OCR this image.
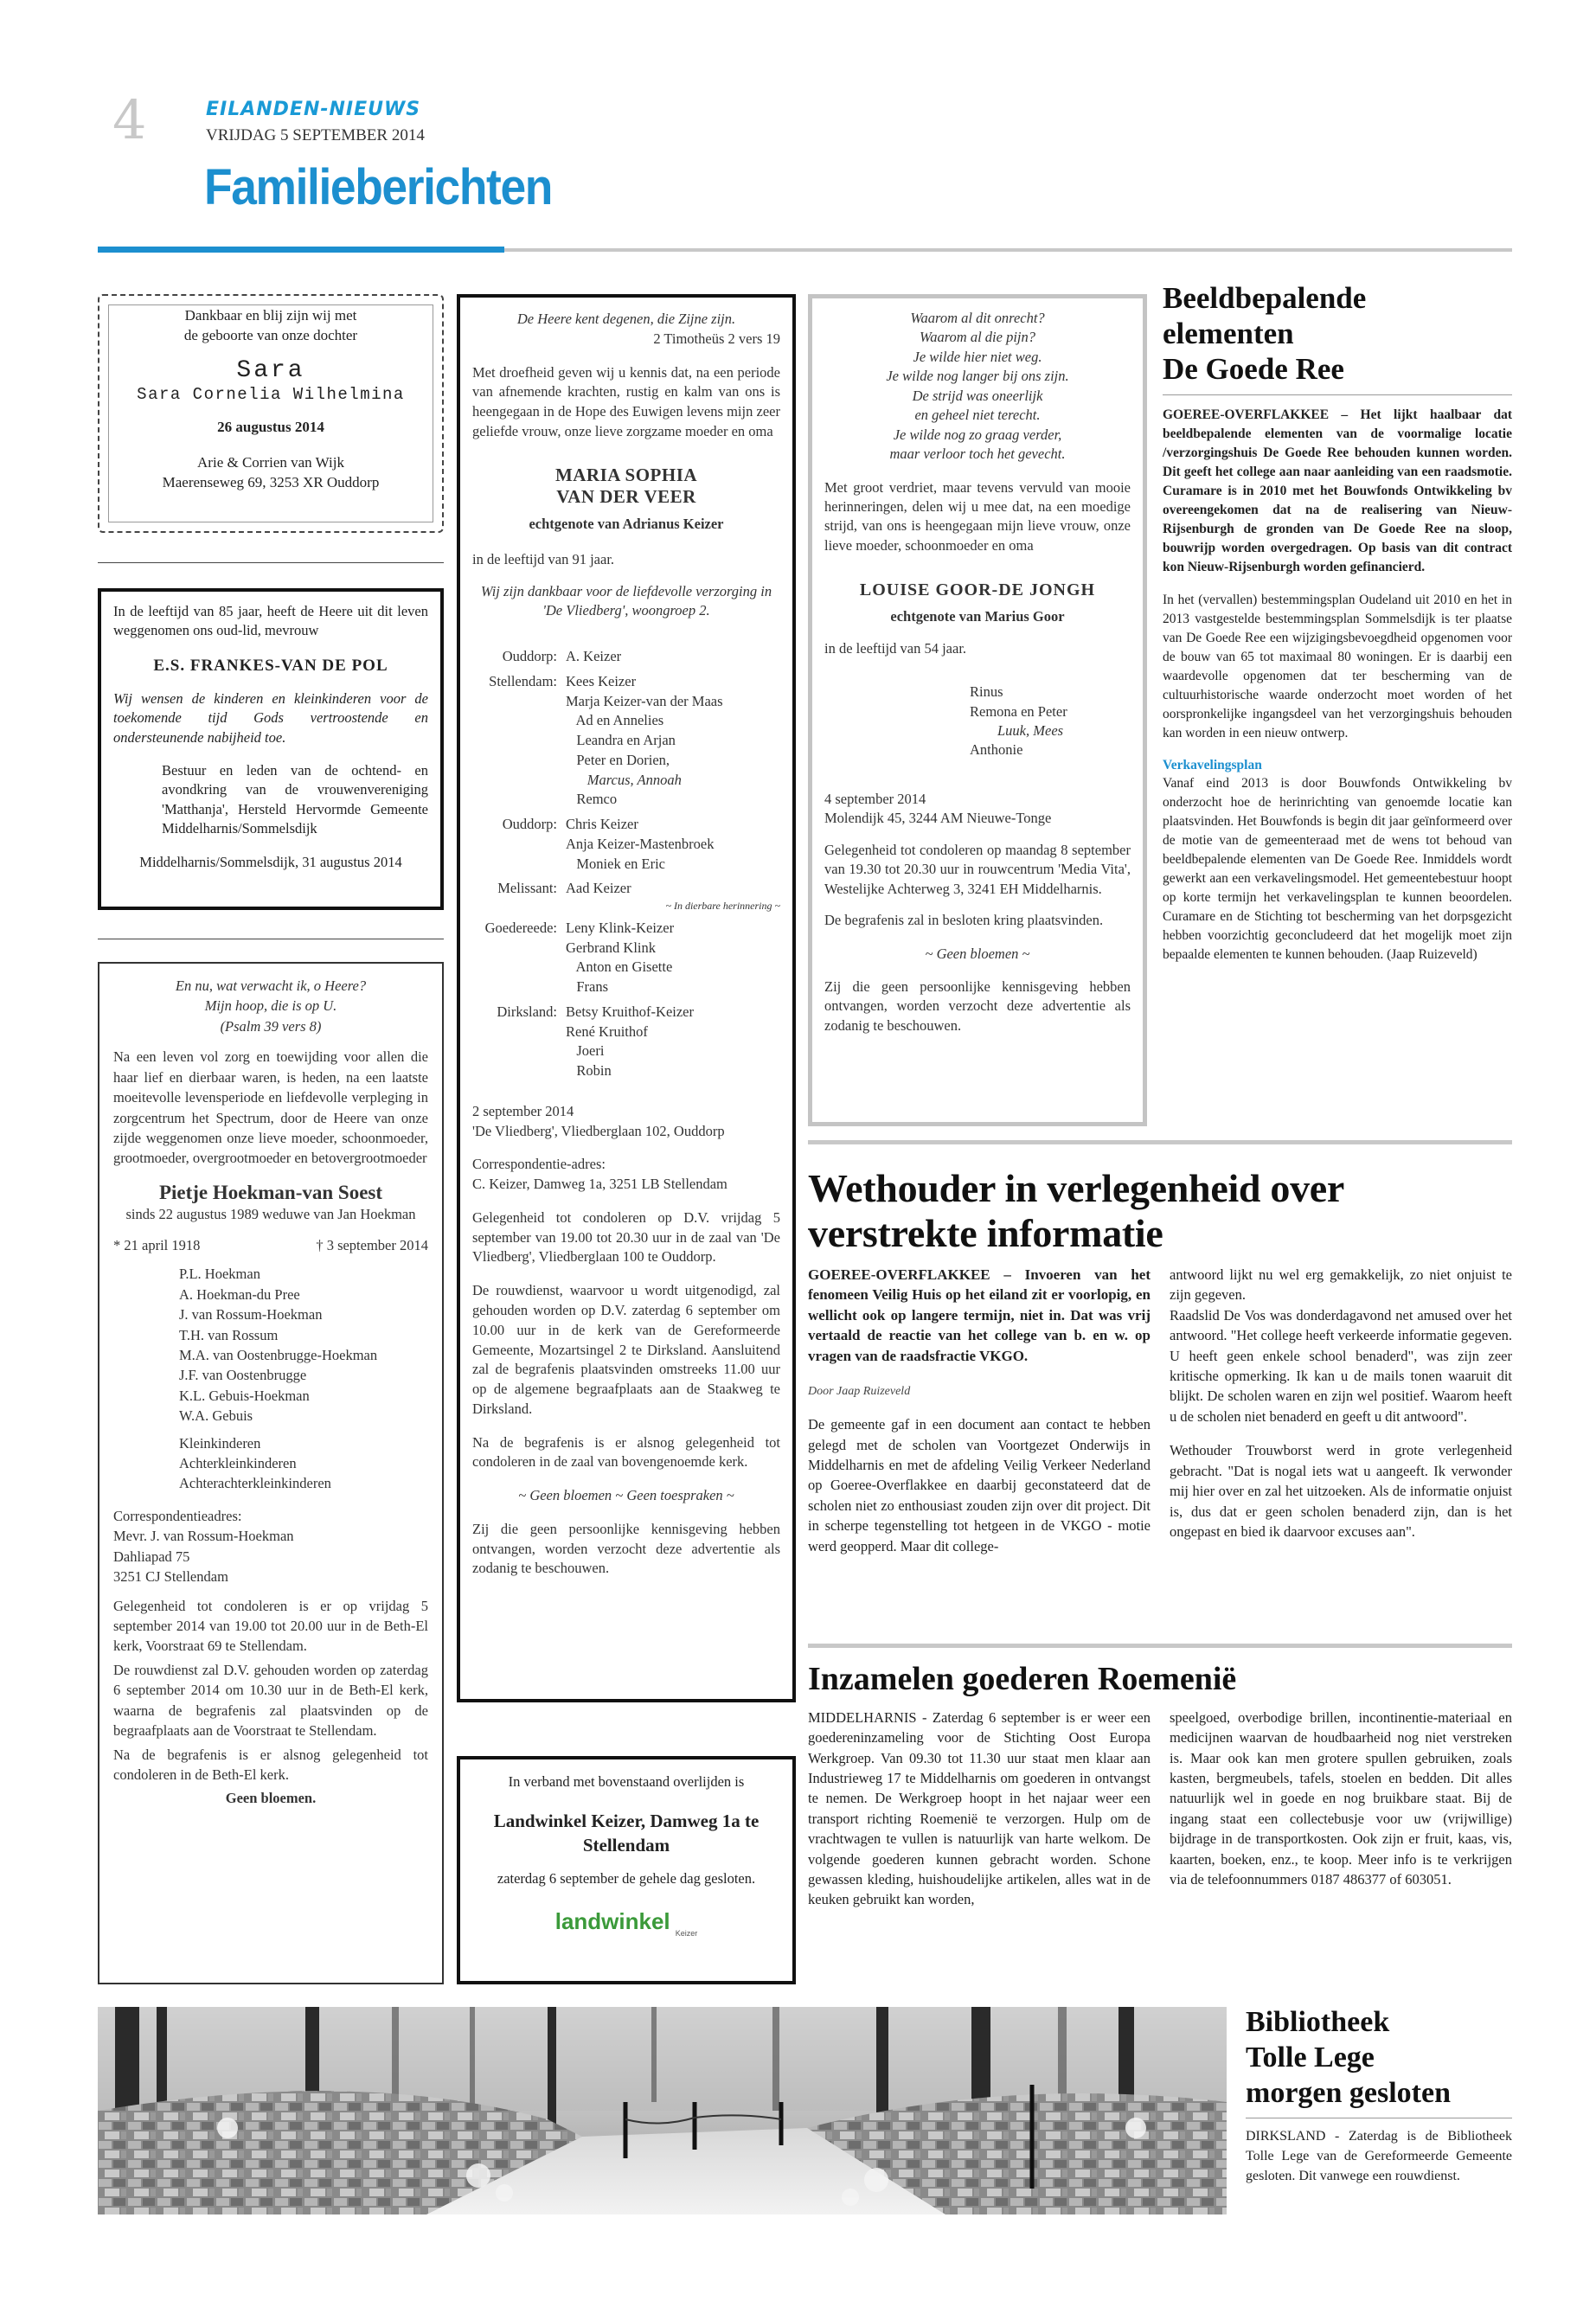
4	EILANDEN-NIEUWS
VRIJDAG 5 SEPTEMBER 2014
Familieberichten
Dankbaar en blij zijn wij met
de geboorte van onze dochter
Sara
Sara Cornelia Wilhelmina
26 augustus 2014
Arie & Corrien van Wijk
Maerenseweg 69, 3253 XR Ouddorp

In de leeftijd van 85 jaar, heeft de Heere uit dit leven weggenomen ons oud-lid, mevrouw

E.S. FRANKES-VAN DE POL

Wij wensen de kinderen en kleinkinderen voor de toekomende tijd Gods vertroostende en ondersteunende nabijheid toe.

Bestuur en leden van de ochtend- en avondkring van de vrouwenvereniging 'Matthanja', Hersteld Hervormde Gemeente Middelharnis/Sommelsdijk

Middelharnis/Sommelsdijk, 31 augustus 2014

En nu, wat verwacht ik, o Heere?

Mijn hoop, die is op U.

(Psalm 39 vers 8)

Na een leven vol zorg en toewijding voor allen die haar lief en dierbaar waren, is heden, na een laatste moeitevolle levensperiode en liefdevolle verpleging in zorgcentrum het Spectrum, door de Heere van onze zijde weggenomen onze lieve moeder, schoonmoeder, grootmoeder, overgrootmoeder en betovergrootmoeder

Pietje Hoekman-van Soest

sinds 22 augustus 1989 weduwe van Jan Hoekman

* 21 april 1918	† 3 september 2014
P.L. Hoekman
A. Hoekman-du Pree
J. van Rossum-Hoekman
T.H. van Rossum
M.A. van Oostenbrugge-Hoekman
J.F. van Oostenbrugge
K.L. Gebuis-Hoekman
W.A. Gebuis
Kleinkinderen
Achterkleinkinderen
Achterachterkleinkinderen
Correspondentieadres:
Mevr. J. van Rossum-Hoekman
Dahliapad 75
3251 CJ Stellendam

Gelegenheid tot condoleren is er op vrijdag 5 september 2014 van 19.00 tot 20.00 uur in de Beth-El kerk, Voorstraat 69 te Stellendam.

De rouwdienst zal D.V. gehouden worden op zaterdag 6 september 2014 om 10.30 uur in de Beth-El kerk, waarna de begrafenis zal plaatsvinden op de begraafplaats aan de Voorstraat te Stellendam.

Na de begrafenis is er alsnog gelegenheid tot condoleren in de Beth-El kerk.

Geen bloemen.

De Heere kent degenen, die Zijne zijn.

2 Timotheüs 2 vers 19

Met droefheid geven wij u kennis dat, na een periode van afnemende krachten, rustig en kalm van ons is heengegaan in de Hope des Euwigen levens mijn zeer geliefde vrouw, onze lieve zorgzame moeder en oma

MARIA SOPHIA

VAN DER VEER

echtgenote van Adrianus Keizer

in de leeftijd van 91 jaar.

Wij zijn dankbaar voor de liefdevolle verzorging in 'De Vliedberg', woongroep 2.

Ouddorp: A. Keizer
Stellendam: Kees Keizer
Marja Keizer-van der Maas
Ad en Annelies
Leandra en Arjan
Peter en Dorien,
Marcus, Annoah
Remco
Ouddorp: Chris Keizer
Anja Keizer-Mastenbroek
Moniek en Eric
Melissant: Aad Keizer
~ In dierbare herinnering ~
Goedereede: Leny Klink-Keizer
Gerbrand Klink
Anton en Gisette
Frans
Dirksland: Betsy Kruithof-Keizer
René Kruithof
Joeri
Robin

2 september 2014

'De Vliedberg', Vliedberglaan 102, Ouddorp

Correspondentie-adres:

C. Keizer, Damweg 1a, 3251 LB Stellendam

Gelegenheid tot condoleren op D.V. vrijdag 5 september van 19.00 tot 20.30 uur in de zaal van 'De Vliedberg', Vliedberglaan 100 te Ouddorp.

De rouwdienst, waarvoor u wordt uitgenodigd, zal gehouden worden op D.V. zaterdag 6 september om 10.00 uur in de kerk van de Gereformeerde Gemeente, Mozartsingel 2 te Dirksland. Aansluitend zal de begrafenis plaatsvinden omstreeks 11.00 uur op de algemene begraafplaats aan de Staakweg te Dirksland.

Na de begrafenis is er alsnog gelegenheid tot condoleren in de zaal van bovengenoemde kerk.

~ Geen bloemen ~ Geen toespraken ~

Zij die geen persoonlijke kennisgeving hebben ontvangen, worden verzocht deze advertentie als zodanig te beschouwen.

In verband met bovenstaand overlijden is

Landwinkel Keizer, Damweg 1a te Stellendam

zaterdag 6 september de gehele dag gesloten.

landwinkel $_{Keizer}$
Waarom al dit onrecht?
Waarom al die pijn?
Je wilde hier niet weg.
Je wilde nog langer bij ons zijn.
De strijd was oneerlijk
en geheel niet terecht.
Je wilde nog zo graag verder,
maar verloor toch het gevecht.

Met groot verdriet, maar tevens vervuld van mooie herinneringen, delen wij u mee dat, na een moedige strijd, van ons is heengegaan mijn lieve vrouw, onze lieve moeder, schoonmoeder en oma

LOUISE GOOR-DE JONGH

echtgenote van Marius Goor

in de leeftijd van 54 jaar.

Rinus
Remona en Peter
Luuk, Mees
Anthonie

4 september 2014

Molendijk 45, 3244 AM Nieuwe-Tonge

Gelegenheid tot condoleren op maandag 8 september van 19.30 tot 20.30 uur in rouwcentrum 'Media Vita', Westelijke Achterweg 3, 3241 EH Middelharnis.

De begrafenis zal in besloten kring plaatsvinden.

~ Geen bloemen ~

Zij die geen persoonlijke kennisgeving hebben ontvangen, worden verzocht deze advertentie als zodanig te beschouwen.

Beeldbepalende
elementen
De Goede Ree

GOEREE-OVERFLAKKEE – Het lijkt haalbaar dat beeldbepalende elementen van de voormalige locatie /verzorgingshuis De Goede Ree behouden kunnen worden. Dit geeft het college aan naar aanleiding van een raadsmotie. Curamare is in 2010 met het Bouwfonds Ontwikkeling bv overeengekomen dat na de realisering van Nieuw-Rijsenburgh de gronden van De Goede Ree na sloop, bouwrijp worden overgedragen. Op basis van dit contract kon Nieuw-Rijsenburgh worden gefinancierd.

In het (vervallen) bestemmingsplan Oudeland uit 2010 en het in 2013 vastgestelde bestemmingsplan Sommelsdijk is ter plaatse van De Goede Ree een wijzigingsbevoegdheid opgenomen voor de bouw van 65 tot maximaal 80 woningen. Er is daarbij een waardevolle opgenomen dat ter bescherming van de cultuurhistorische waarde onderzocht moet worden of het oorspronkelijke ingangsdeel van het verzorgingshuis behouden kan worden in een nieuw ontwerp.

Verkavelingsplan

Vanaf eind 2013 is door Bouwfonds Ontwikkeling bv onderzocht hoe de herinrichting van genoemde locatie kan plaatsvinden. Het Bouwfonds is begin dit jaar geïnformeerd over de motie van de gemeenteraad met de wens tot behoud van beeldbepalende elementen van De Goede Ree. Inmiddels wordt gewerkt aan een verkavelingsmodel. Het gemeentebestuur hoopt op korte termijn het verkavelingsplan te kunnen beoordelen. Curamare en de Stichting tot bescherming van het dorpsgezicht hebben voorzichtig geconcludeerd dat het mogelijk moet zijn bepaalde elementen te kunnen behouden. (Jaap Ruizeveld)

Wethouder in verlegenheid over
verstrekte informatie

GOEREE-OVERFLAKKEE – Invoeren van het fenomeen Veilig Huis op het eiland zit er voorlopig, en wellicht ook op langere termijn, niet in. Dat was vrij vertaald de reactie van het college van b. en w. op vragen van de raadsfractie VKGO.

Door Jaap Ruizeveld

De gemeente gaf in een document aan contact te hebben gelegd met de scholen van Voortgezet Onderwijs in Middelharnis en met de afdeling Veilig Verkeer Nederland op Goeree-Overflakkee en daarbij geconstateerd dat de scholen niet zo enthousiast zouden zijn over dit project. Dit in scherpe tegenstelling tot hetgeen in de VKGO - motie werd geopperd. Maar dit college-

antwoord lijkt nu wel erg gemakkelijk, zo niet onjuist te zijn gegeven.

Raadslid De Vos was donderdagavond net amused over het antwoord. "Het college heeft verkeerde informatie gegeven. U heeft geen enkele school benaderd", was zijn zeer kritische opmerking. Ik kan u de mails tonen waaruit dit blijkt. De scholen waren en zijn wel positief. Waarom heeft u de scholen niet benaderd en geeft u dit antwoord".

Wethouder Trouwborst werd in grote verlegenheid gebracht. "Dat is nogal iets wat u aangeeft. Ik verwonder mij hier over en zal het uitzoeken. Als de informatie onjuist is, dus dat er geen scholen benaderd zijn, dan is het ongepast en bied ik daarvoor excuses aan".

Inzamelen goederen Roemenië

MIDDELHARNIS - Zaterdag 6 september is er weer een goedereninzameling voor de Stichting Oost Europa Werkgroep. Van 09.30 tot 11.30 uur staat men klaar aan Industrieweg 17 te Middelharnis om goederen in ontvangst te nemen. De Werkgroep hoopt in het najaar weer een transport richting Roemenië te verzorgen. Hulp om de vrachtwagen te vullen is natuurlijk van harte welkom. De volgende goederen kunnen gebracht worden. Schone gewassen kleding, huishoudelijke artikelen, alles wat in de keuken gebruikt kan worden,

speelgoed, overbodige brillen, incontinentie-materiaal en medicijnen waarvan de houdbaarheid nog niet verstreken is. Maar ook kan men grotere spullen gebruiken, zoals kasten, bergmeubels, tafels, stoelen en bedden. Dit alles natuurlijk wel in goede en nog bruikbare staat. Bij de ingang staat een collectebusje voor uw (vrijwillige) bijdrage in de transportkosten. Ook zijn er fruit, kaas, vis, kaarten, boeken, enz., te koop. Meer info is te verkrijgen via de telefoonnummers 0187 486377 of 603051.

Bibliotheek
Tolle Lege
morgen gesloten

DIRKSLAND - Zaterdag is de Bibliotheek Tolle Lege van de Gereformeerde Gemeente gesloten. Dit vanwege een rouwdienst.
